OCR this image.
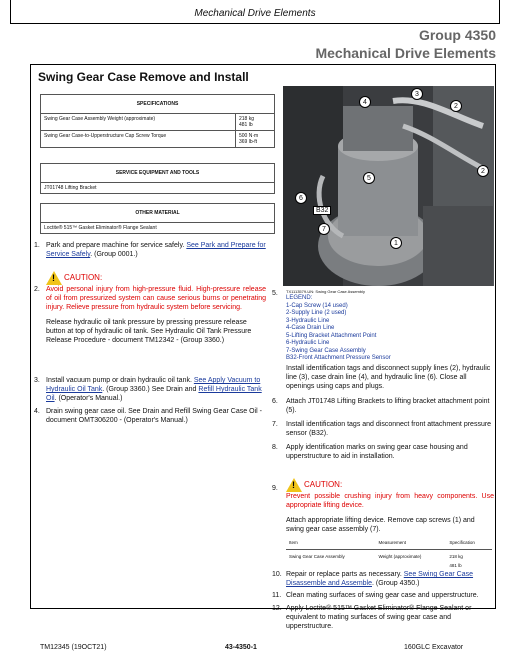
Mechanical Drive Elements
Group 4350
Mechanical Drive Elements
Swing Gear Case Remove and Install
SPECIFICATIONS	
Swing Gear Case Assembly Weight (approximate)	218 kg
481 lb
Swing Gear Case-to-Upperstructure Cap Screw Torque	500 N·m
369 lb-ft
SERVICE EQUIPMENT AND TOOLS
JT01748 Lifting Bracket
OTHER MATERIAL
Loctite® 515™ Gasket Eliminator® Flange Sealant
1. Park and prepare machine for service safely. See Park and Prepare for Service Safely. (Group 0001.)
2.
! CAUTION:
Avoid personal injury from high-pressure fluid. High-pressure release of oil from pressurized system can cause serious burns or penetrating injury. Relieve pressure from hydraulic system before servicing.
Release hydraulic oil tank pressure by pressing pressure release button at top of hydraulic oil tank. See Hydraulic Oil Tank Pressure Release Procedure - document TM12342 - (Group 3360.)
3. Install vacuum pump or drain hydraulic oil tank. See Apply Vacuum to Hydraulic Oil Tank. (Group 3360.) See Drain and Refill Hydraulic Tank Oil. (Operator's Manual.)
4. Drain swing gear case oil. See Drain and Refill Swing Gear Case Oil - document OMT306200 - (Operator's Manual.)
3
4
2
2
5
6
B32
7
1
5. TX1113579-UN: Swing Gear Case Assembly
LEGEND:
1-Cap Screw (14 used)
2-Supply Line (2 used)
3-Hydraulic Line
4-Case Drain Line
5-Lifting Bracket Attachment Point
6-Hydraulic Line
7-Swing Gear Case Assembly
B32-Front Attachment Pressure Sensor
Install identification tags and disconnect supply lines (2), hydraulic line (3), case drain line (4), and hydraulic line (6). Close all openings using caps and plugs.
6. Attach JT01748 Lifting Brackets to lifting bracket attachment point (5).
7. Install identification tags and disconnect front attachment pressure sensor (B32).
8. Apply identification marks on swing gear case housing and upperstructure to aid in installation.
9. !	CAUTION:
Prevent possible crushing injury from heavy components. Use appropriate lifting device.
Attach appropriate lifting device. Remove cap screws (1) and swing gear case assembly (7).
Item	Measurement	Specification
Swing Gear Case Assembly	Weight (approximate)	218 kg
481 lb
10. Repair or replace parts as necessary. See Swing Gear Case Disassemble and Assemble. (Group 4350.)
11. Clean mating surfaces of swing gear case and upperstructure.
12. Apply Loctite® 515™ Gasket Eliminator® Flange Sealant or equivalent to mating surfaces of swing gear case and upperstructure.
TM12345 (19OCT21)	43-4350-1	160GLC Excavator
